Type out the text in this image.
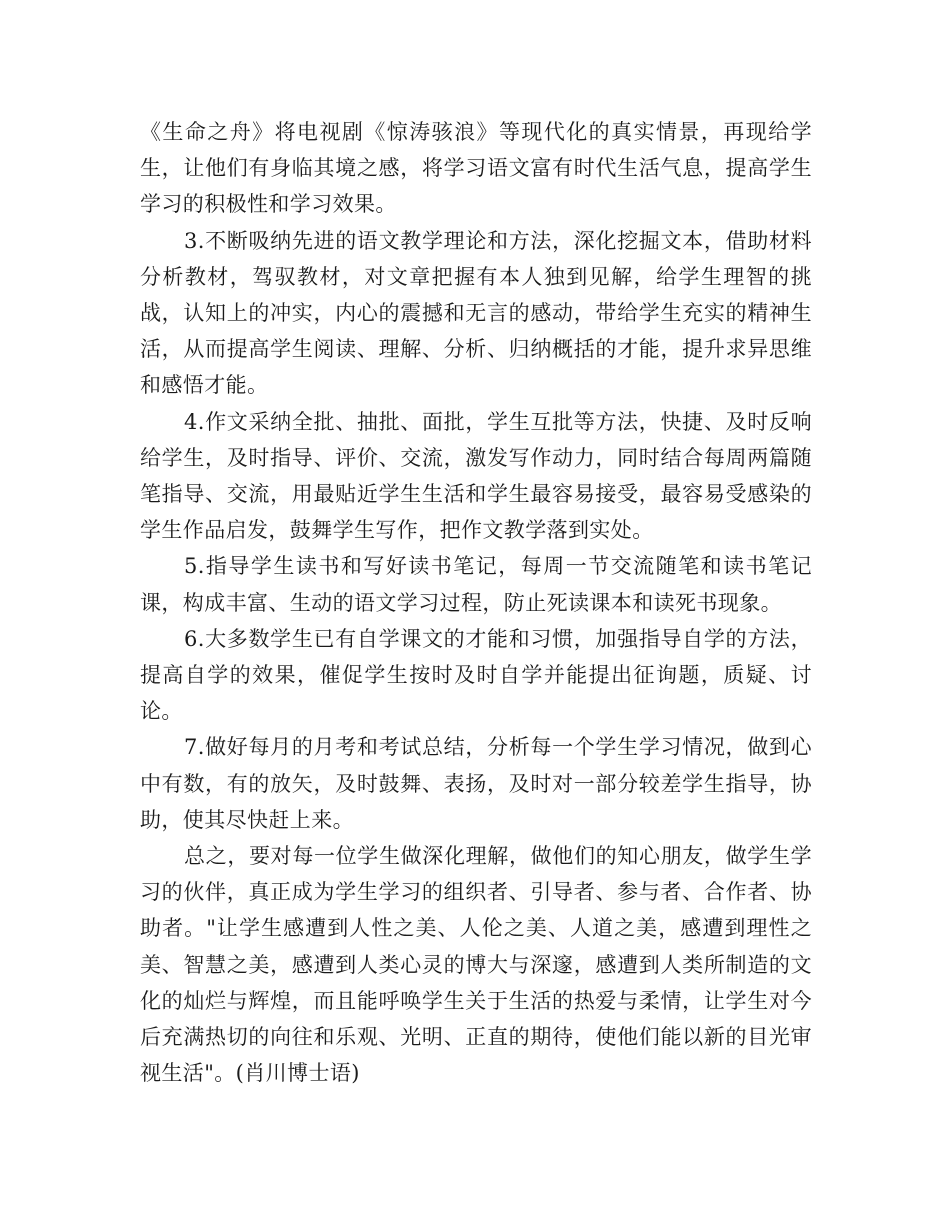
《生命之舟》将电视剧《惊涛骇浪》等现代化的真实情景，再现给学生，让他们有身临其境之感，将学习语文富有时代生活气息，提高学生学习的积极性和学习效果。

3.不断吸纳先进的语文教学理论和方法，深化挖掘文本，借助材料分析教材，驾驭教材，对文章把握有本人独到见解，给学生理智的挑战，认知上的冲实，内心的震撼和无言的感动，带给学生充实的精神生活，从而提高学生阅读、理解、分析、归纳概括的才能，提升求异思维和感悟才能。

4.作文采纳全批、抽批、面批，学生互批等方法，快捷、及时反响给学生，及时指导、评价、交流，激发写作动力，同时结合每周两篇随笔指导、交流，用最贴近学生生活和学生最容易接受，最容易受感染的学生作品启发，鼓舞学生写作，把作文教学落到实处。

5.指导学生读书和写好读书笔记，每周一节交流随笔和读书笔记课，构成丰富、生动的语文学习过程，防止死读课本和读死书现象。

6.大多数学生已有自学课文的才能和习惯，加强指导自学的方法，提高自学的效果，催促学生按时及时自学并能提出征询题，质疑、讨论。

7.做好每月的月考和考试总结，分析每一个学生学习情况，做到心中有数，有的放矢，及时鼓舞、表扬，及时对一部分较差学生指导，协助，使其尽快赶上来。

总之，要对每一位学生做深化理解，做他们的知心朋友，做学生学习的伙伴，真正成为学生学习的组织者、引导者、参与者、合作者、协助者。"让学生感遭到人性之美、人伦之美、人道之美，感遭到理性之美、智慧之美，感遭到人类心灵的博大与深邃，感遭到人类所制造的文化的灿烂与辉煌，而且能呼唤学生关于生活的热爱与柔情，让学生对今后充满热切的向往和乐观、光明、正直的期待，使他们能以新的目光审视生活"。(肖川博士语)
